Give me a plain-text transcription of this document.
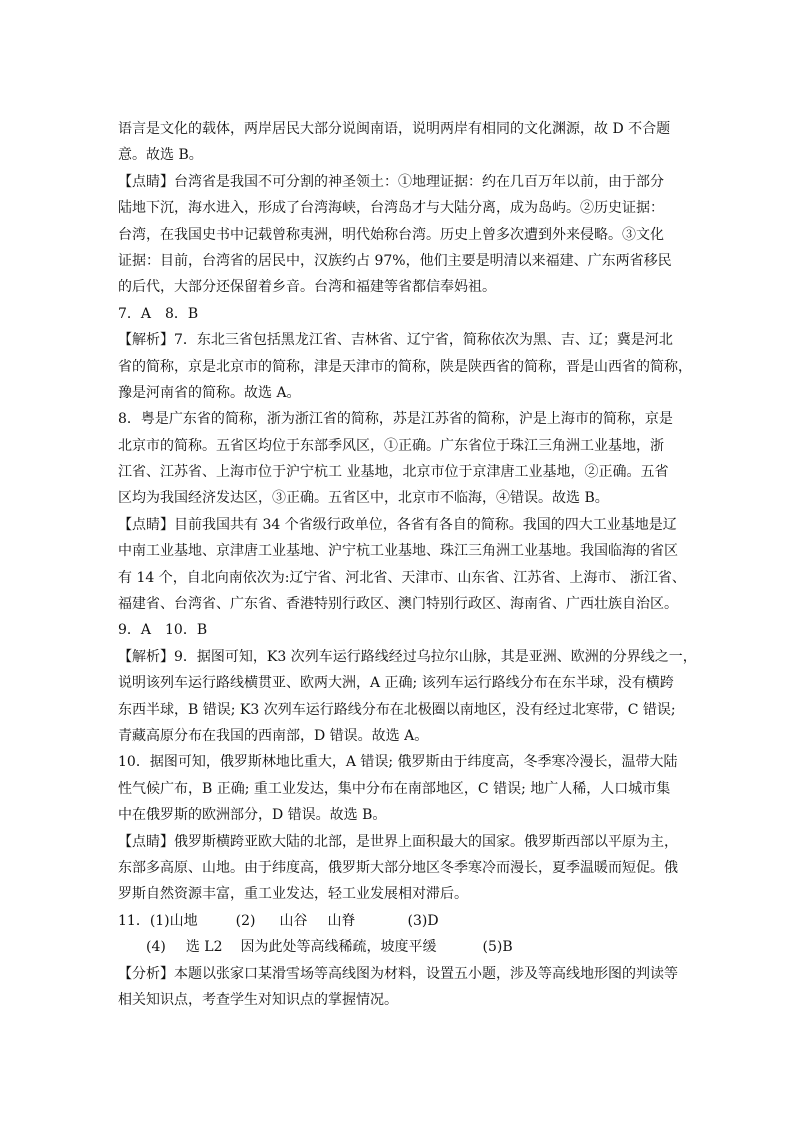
语言是文化的载体，两岸居民大部分说闽南语，说明两岸有相同的文化渊源，故 D 不合题
意。故选 B。
【点睛】台湾省是我国不可分割的神圣领土：①地理证据：约在几百万年以前，由于部分
陆地下沉，海水进入，形成了台湾海峡，台湾岛才与大陆分离，成为岛屿。②历史证据：
台湾，在我国史书中记载曾称夷洲，明代始称台湾。历史上曾多次遭到外来侵略。③文化
证据：目前，台湾省的居民中，汉族约占 97%，他们主要是明清以来福建、广东两省移民
的后代，大部分还保留着乡音。台湾和福建等省都信奉妈祖。
7．A　8．B
【解析】7．东北三省包括黑龙江省、吉林省、辽宁省，简称依次为黑、吉、辽；冀是河北
省的简称，京是北京市的简称，津是天津市的简称，陕是陕西省的简称，晋是山西省的简称，
豫是河南省的简称。故选 A。
8．粤是广东省的简称，浙为浙江省的简称，苏是江苏省的简称，沪是上海市的简称，京是
北京市的简称。五省区均位于东部季风区，①正确。广东省位于珠江三角洲工业基地，浙
江省、江苏省、上海市位于沪宁杭工 业基地，北京市位于京津唐工业基地，②正确。五省
区均为我国经济发达区，③正确。五省区中，北京市不临海，④错误。故选 B。
【点睛】目前我国共有 34 个省级行政单位，各省有各自的简称。我国的四大工业基地是辽
中南工业基地、京津唐工业基地、沪宁杭工业基地、珠江三角洲工业基地。我国临海的省区
有 14 个，自北向南依次为:辽宁省、河北省、天津市、山东省、江苏省、上海市、 浙江省、
福建省、台湾省、广东省、香港特别行政区、澳门特别行政区、海南省、广西壮族自治区。
9．A　10．B
【解析】9．据图可知，K3 次列车运行路线经过乌拉尔山脉，其是亚洲、欧洲的分界线之一，
说明该列车运行路线横贯亚、欧两大洲，A 正确; 该列车运行路线分布在东半球，没有横跨
东西半球，B 错误; K3 次列车运行路线分布在北极圈以南地区，没有经过北寒带，C 错误;
青藏高原分布在我国的西南部，D 错误。故选 A。
10．据图可知，俄罗斯林地比重大，A 错误; 俄罗斯由于纬度高，冬季寒冷漫长，温带大陆
性气候广布，B 正确; 重工业发达，集中分布在南部地区，C 错误; 地广人稀，人口城市集
中在俄罗斯的欧洲部分，D 错误。故选 B。
【点睛】俄罗斯横跨亚欧大陆的北部，是世界上面积最大的国家。俄罗斯西部以平原为主，
东部多高原、山地。由于纬度高，俄罗斯大部分地区冬季寒冷而漫长，夏季温暖而短促。俄
罗斯自然资源丰富，重工业发达，轻工业发展相对滞后。
11．(1)山地	(2) 山谷 山脊	(3)D
(4) 选 L2 因为此处等高线稀疏，坡度平缓	(5)B
【分析】本题以张家口某滑雪场等高线图为材料，设置五小题，涉及等高线地形图的判读等
相关知识点，考查学生对知识点的掌握情况。
